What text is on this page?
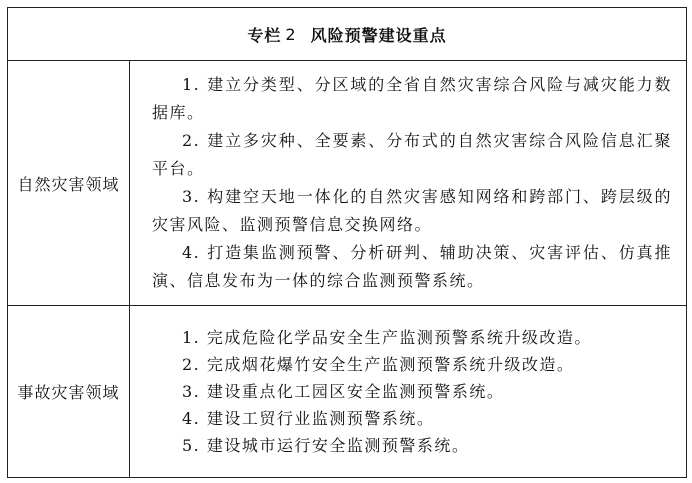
专栏 2 风险预警建设重点
自然灾害领域

1. 建立分类型、分区域的全省自然灾害综合风险与减灾能力数据库。

2. 建立多灾种、全要素、分布式的自然灾害综合风险信息汇聚平台。

3. 构建空天地一体化的自然灾害感知网络和跨部门、跨层级的灾害风险、监测预警信息交换网络。

4. 打造集监测预警、分析研判、辅助决策、灾害评估、仿真推演、信息发布为一体的综合监测预警系统。

事故灾害领域

1. 完成危险化学品安全生产监测预警系统升级改造。

2. 完成烟花爆竹安全生产监测预警系统升级改造。

3. 建设重点化工园区安全监测预警系统。

4. 建设工贸行业监测预警系统。

5. 建设城市运行安全监测预警系统。
